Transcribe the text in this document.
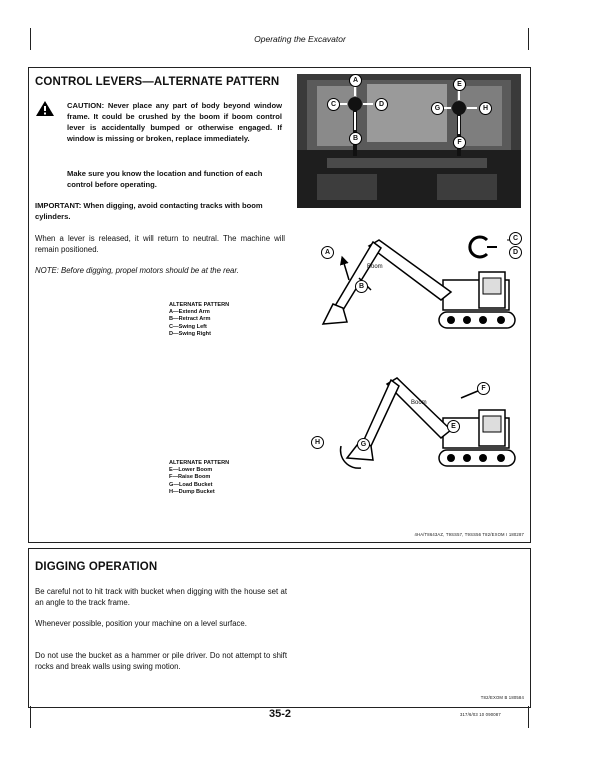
Operating the Excavator
CONTROL LEVERS—ALTERNATE PATTERN
CAUTION: Never place any part of body beyond window frame. It could be crushed by the boom if boom control lever is accidentally bumped or otherwise engaged. If window is missing or broken, replace immediately.
Make sure you know the location and function of each control before operating.
IMPORTANT: When digging, avoid contacting tracks with boom cylinders.
When a lever is released, it will return to neutral. The machine will remain positioned.
NOTE: Before digging, propel motors should be at the rear.
ALTERNATE PATTERN
A—Extend Arm
B—Retract Arm
C—Swing Left
D—Swing Right
ALTERNATE PATTERN
E—Lower Boom
F—Raise Boom
G—Load Bucket
H—Dump Bucket
A
B
C	D
E
F
G	H
Boom
A
B
C
D
Boom
E
F
G
H
4HA/T8643AZ, T9SS57, T9SS56 T82/EXOM I 180287
DIGGING OPERATION
Be careful not to hit track with bucket when digging with the house set at an angle to the track frame.
Whenever possible, position your machine on a level surface.
Do not use the bucket as a hammer or pile driver. Do not attempt to shift rocks and break walls using swing motion.
T82/EXOM B 180584
35-2	317/6/03 10 090087
